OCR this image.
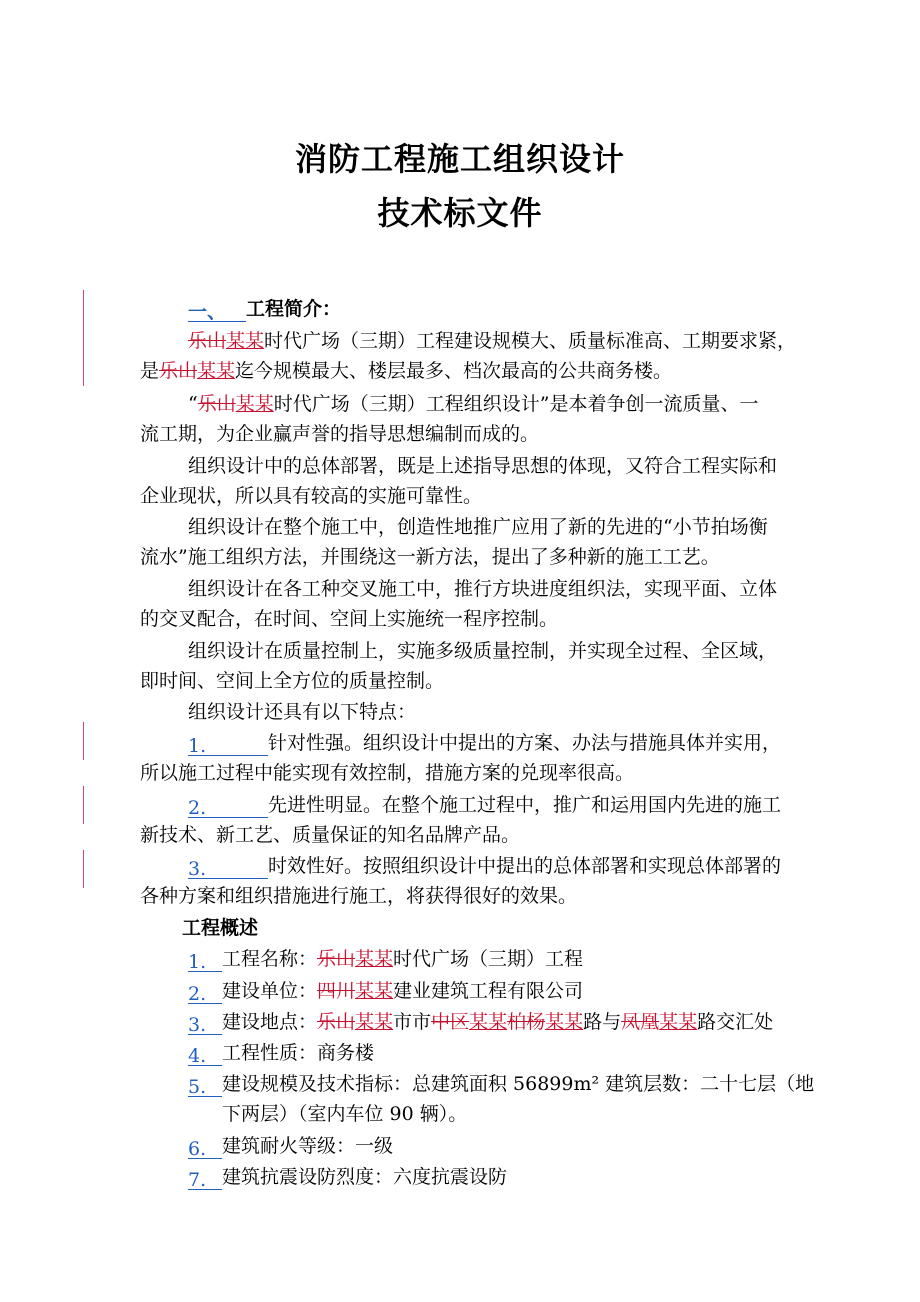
消防工程施工组织设计
技术标文件
一、 工程简介：
乐山某某时代广场（三期）工程建设规模大、质量标准高、工期要求紧，
是乐山某某迄今规模最大、楼层最多、档次最高的公共商务楼。
“乐山某某时代广场（三期）工程组织设计”是本着争创一流质量、一
流工期，为企业赢声誉的指导思想编制而成的。
组织设计中的总体部署，既是上述指导思想的体现，又符合工程实际和
企业现状，所以具有较高的实施可靠性。
组织设计在整个施工中，创造性地推广应用了新的先进的“小节拍场衡
流水”施工组织方法，并围绕这一新方法，提出了多种新的施工工艺。
组织设计在各工种交叉施工中，推行方块进度组织法，实现平面、立体
的交叉配合，在时间、空间上实施统一程序控制。
组织设计在质量控制上，实施多级质量控制，并实现全过程、全区域，
即时间、空间上全方位的质量控制。
组织设计还具有以下特点：
1.	针对性强。组织设计中提出的方案、办法与措施具体并实用，
所以施工过程中能实现有效控制，措施方案的兑现率很高。
2.	先进性明显。在整个施工过程中，推广和运用国内先进的施工
新技术、新工艺、质量保证的知名品牌产品。
3.	时效性好。按照组织设计中提出的总体部署和实现总体部署的
各种方案和组织措施进行施工，将获得很好的效果。
工程概述
1. 工程名称：乐山某某时代广场（三期）工程
2. 建设单位：四川某某建业建筑工程有限公司
3. 建设地点：乐山某某市市中区某某柏杨某某路与凤凰某某路交汇处
4. 工程性质：商务楼
5. 建设规模及技术指标：总建筑面积 56899m² 建筑层数：二十七层（地
下两层）（室内车位 90 辆）。
6. 建筑耐火等级：一级
7. 建筑抗震设防烈度：六度抗震设防
